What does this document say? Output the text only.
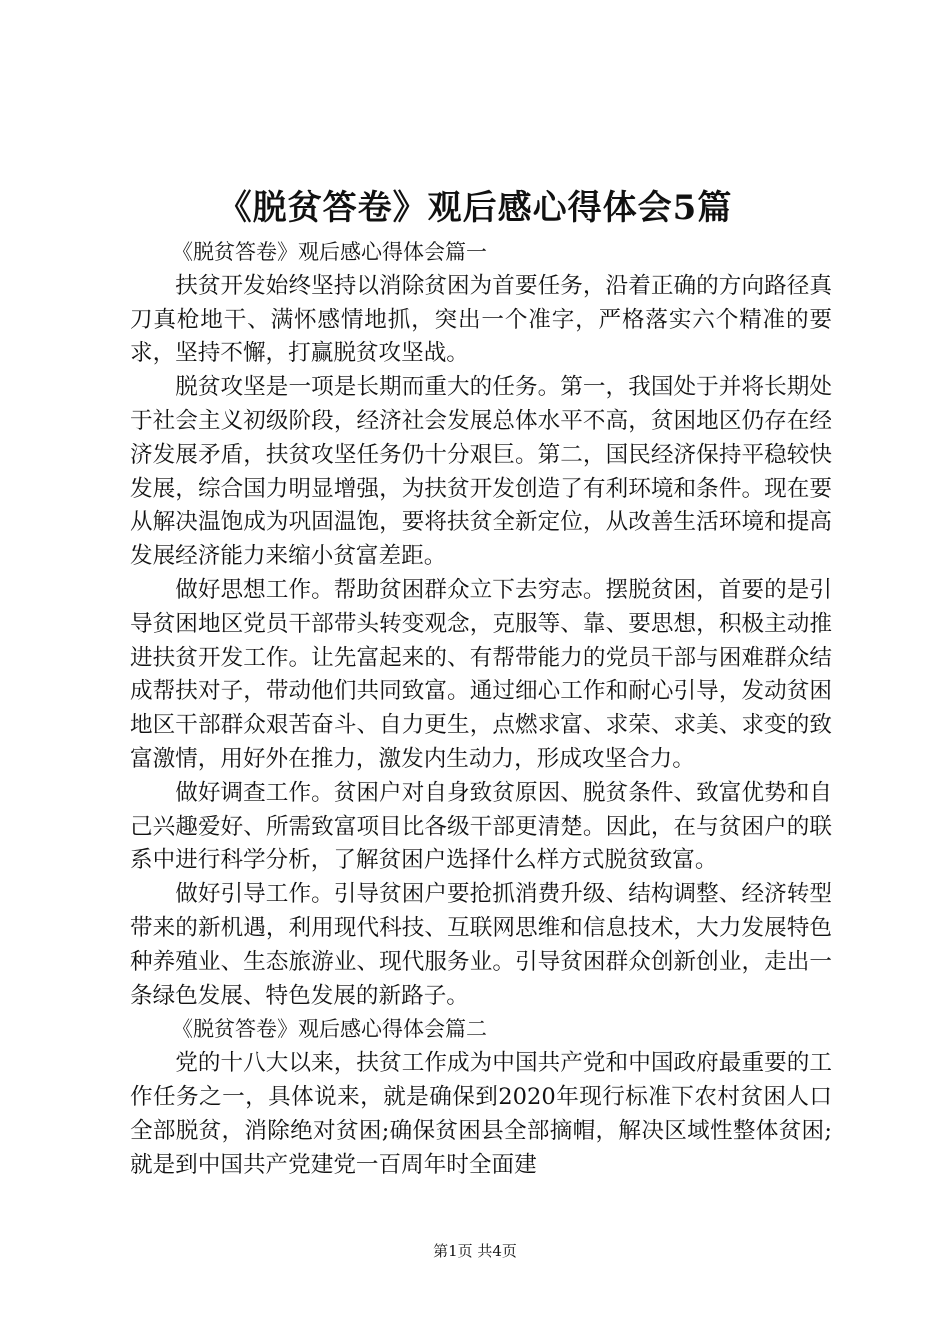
《脱贫答卷》观后感心得体会5篇

《脱贫答卷》观后感心得体会篇一

扶贫开发始终坚持以消除贫困为首要任务，沿着正确的方向路径真刀真枪地干、满怀感情地抓，突出一个准字，严格落实六个精准的要求，坚持不懈，打赢脱贫攻坚战。

脱贫攻坚是一项是长期而重大的任务。第一，我国处于并将长期处于社会主义初级阶段，经济社会发展总体水平不高，贫困地区仍存在经济发展矛盾，扶贫攻坚任务仍十分艰巨。第二，国民经济保持平稳较快发展，综合国力明显增强，为扶贫开发创造了有利环境和条件。现在要从解决温饱成为巩固温饱，要将扶贫全新定位，从改善生活环境和提高发展经济能力来缩小贫富差距。

做好思想工作。帮助贫困群众立下去穷志。摆脱贫困，首要的是引导贫困地区党员干部带头转变观念，克服等、靠、要思想，积极主动推进扶贫开发工作。让先富起来的、有帮带能力的党员干部与困难群众结成帮扶对子，带动他们共同致富。通过细心工作和耐心引导，发动贫困地区干部群众艰苦奋斗、自力更生，点燃求富、求荣、求美、求变的致富激情，用好外在推力，激发内生动力，形成攻坚合力。

做好调查工作。贫困户对自身致贫原因、脱贫条件、致富优势和自己兴趣爱好、所需致富项目比各级干部更清楚。因此，在与贫困户的联系中进行科学分析，了解贫困户选择什么样方式脱贫致富。

做好引导工作。引导贫困户要抢抓消费升级、结构调整、经济转型带来的新机遇，利用现代科技、互联网思维和信息技术，大力发展特色种养殖业、生态旅游业、现代服务业。引导贫困群众创新创业，走出一条绿色发展、特色发展的新路子。

《脱贫答卷》观后感心得体会篇二

党的十八大以来，扶贫工作成为中国共产党和中国政府最重要的工作任务之一，具体说来，就是确保到2020年现行标准下农村贫困人口全部脱贫，消除绝对贫困;确保贫困县全部摘帽，解决区域性整体贫困;就是到中国共产党建党一百周年时全面建

第1页 共4页
